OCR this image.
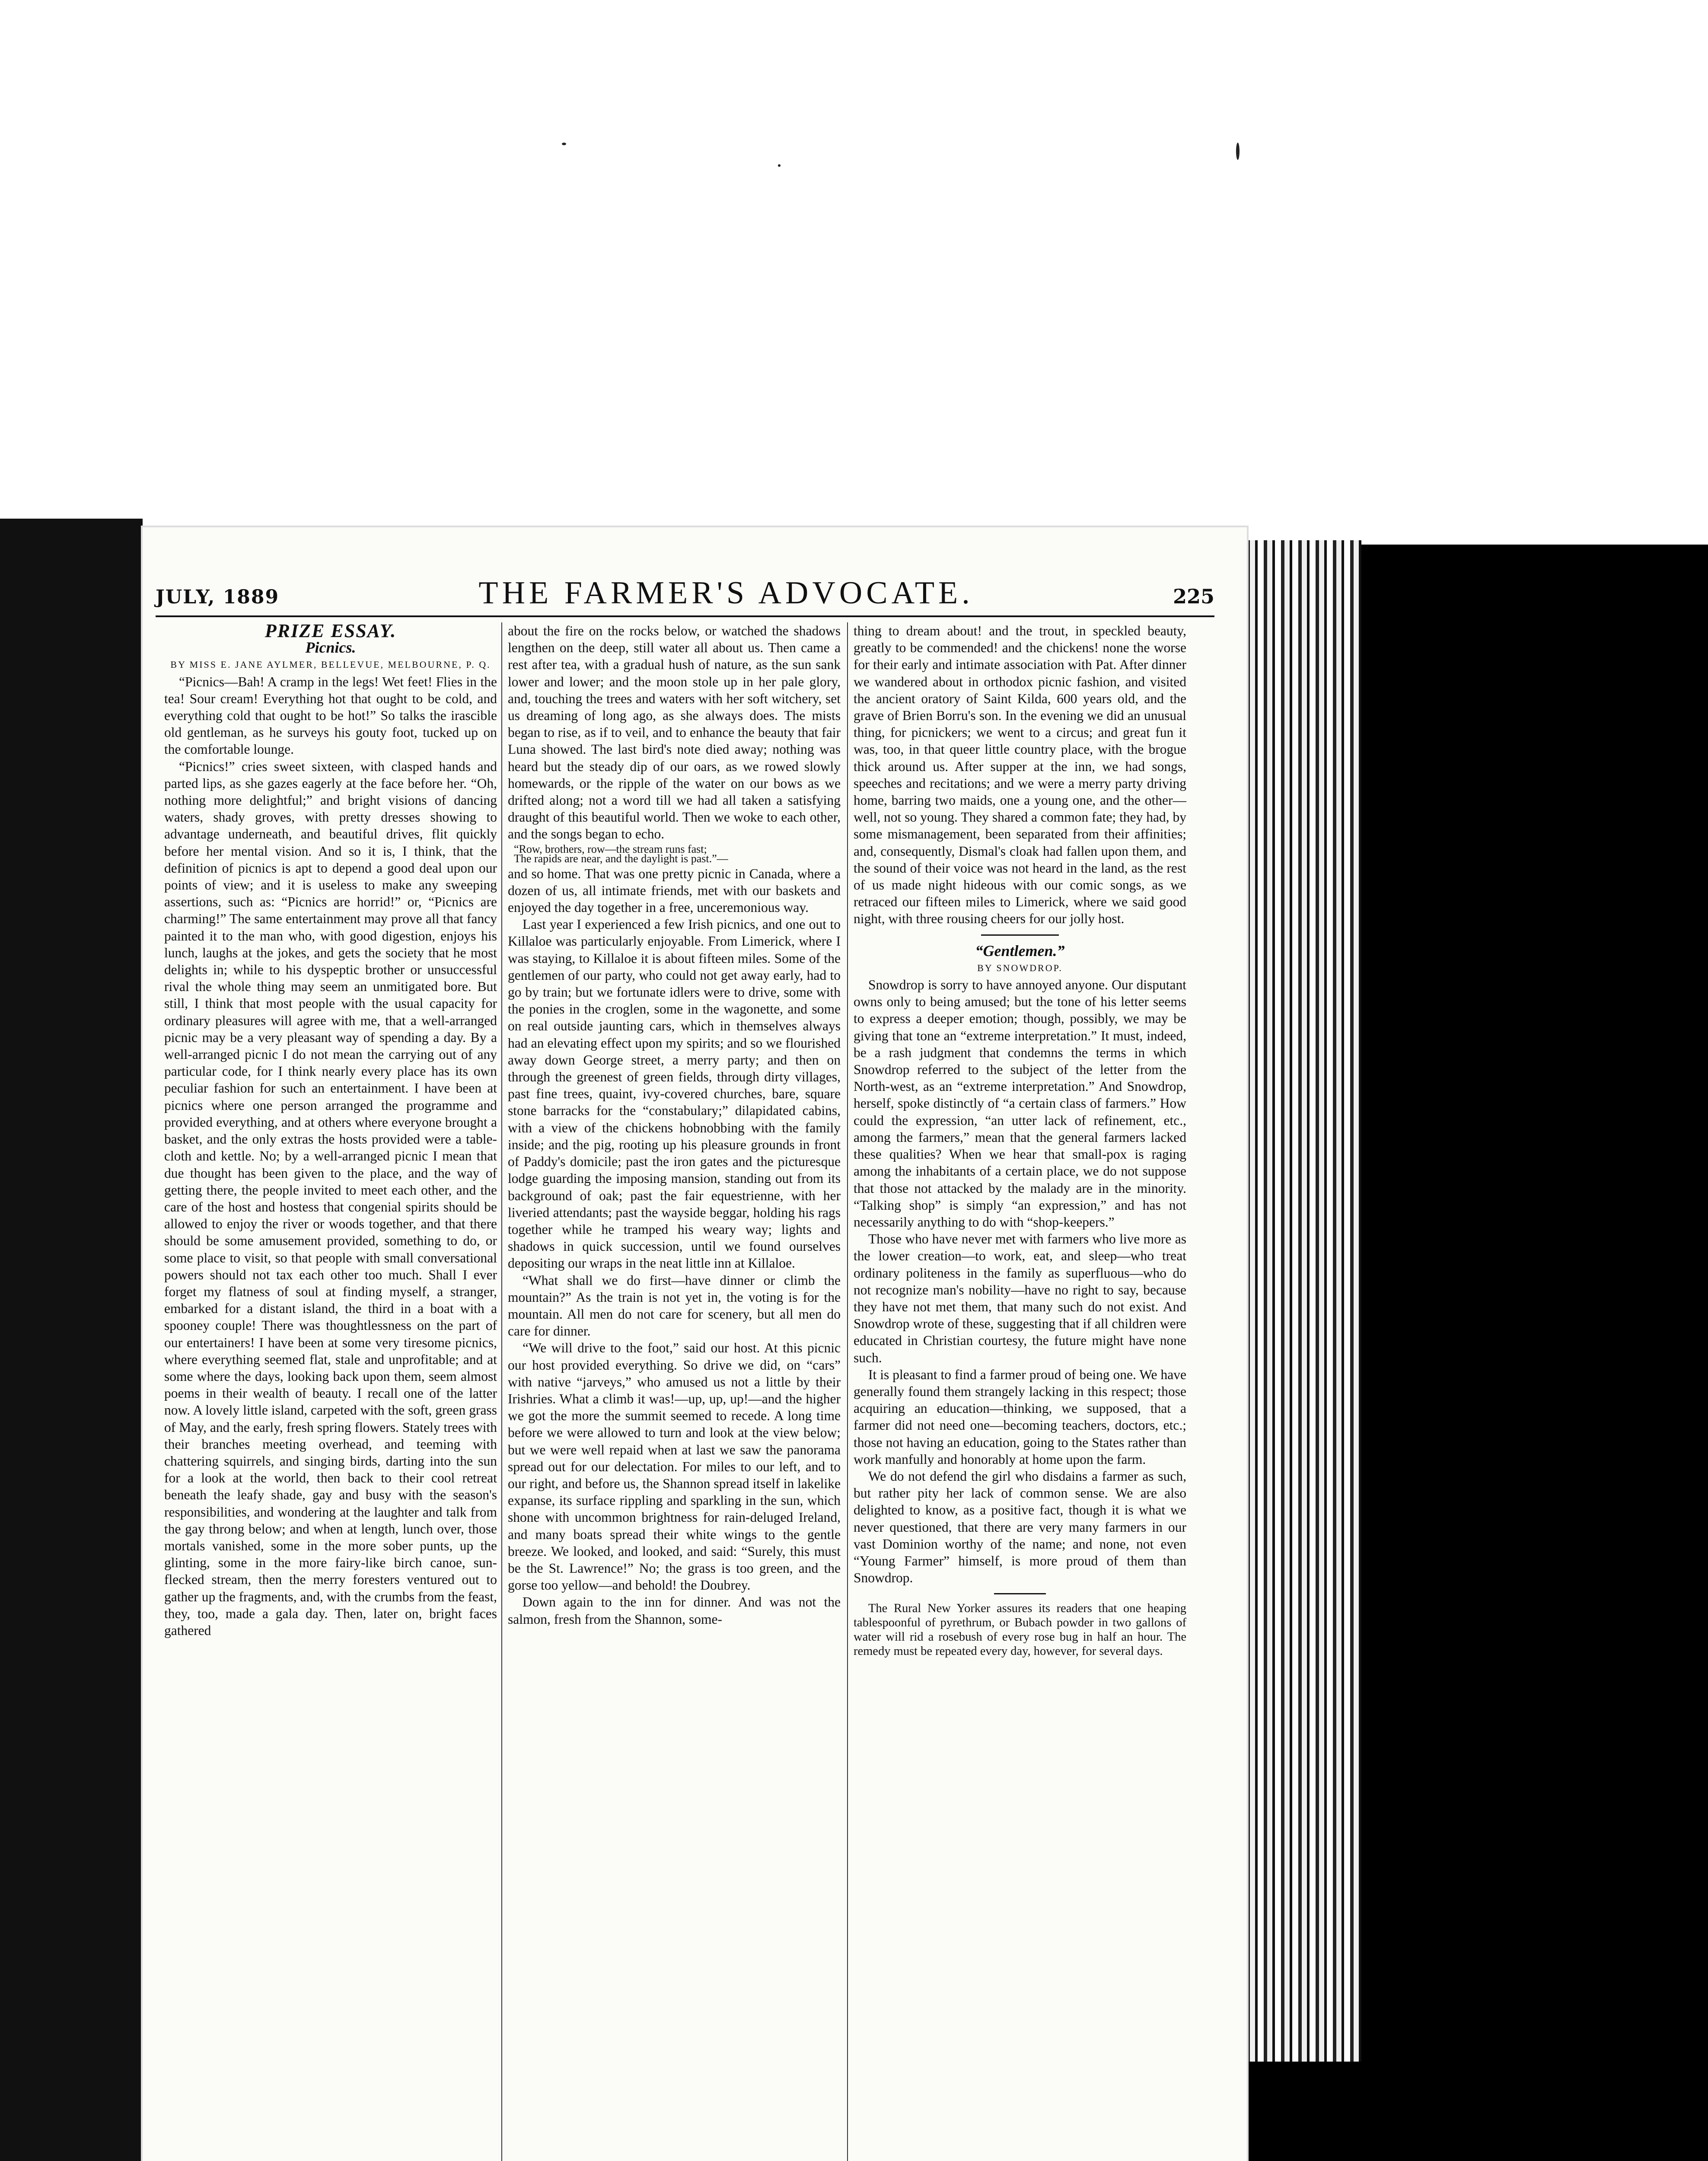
JULY, 1889	THE FARMER'S ADVOCATE.	225

PRIZE ESSAY.

Picnics.

BY MISS E. JANE AYLMER, BELLEVUE, MELBOURNE, P. Q.

“Picnics—Bah! A cramp in the legs! Wet feet! Flies in the tea! Sour cream! Everything hot that ought to be cold, and everything cold that ought to be hot!” So talks the irascible old gentleman, as he surveys his gouty foot, tucked up on the comfortable lounge.

“Picnics!” cries sweet sixteen, with clasped hands and parted lips, as she gazes eagerly at the face before her. “Oh, nothing more delightful;” and bright visions of dancing waters, shady groves, with pretty dresses showing to advantage underneath, and beautiful drives, flit quickly before her mental vision. And so it is, I think, that the definition of picnics is apt to depend a good deal upon our points of view; and it is useless to make any sweeping assertions, such as: “Picnics are horrid!” or, “Picnics are charming!” The same entertainment may prove all that fancy painted it to the man who, with good digestion, enjoys his lunch, laughs at the jokes, and gets the society that he most delights in; while to his dyspeptic brother or unsuccessful rival the whole thing may seem an unmitigated bore. But still, I think that most people with the usual capacity for ordinary pleasures will agree with me, that a well-arranged picnic may be a very pleasant way of spending a day. By a well-arranged picnic I do not mean the carrying out of any particular code, for I think nearly every place has its own peculiar fashion for such an entertainment. I have been at picnics where one person arranged the programme and provided everything, and at others where everyone brought a basket, and the only extras the hosts provided were a table-cloth and kettle. No; by a well-arranged picnic I mean that due thought has been given to the place, and the way of getting there, the people invited to meet each other, and the care of the host and hostess that congenial spirits should be allowed to enjoy the river or woods together, and that there should be some amusement provided, something to do, or some place to visit, so that people with small conversational powers should not tax each other too much. Shall I ever forget my flatness of soul at finding myself, a stranger, embarked for a distant island, the third in a boat with a spooney couple! There was thoughtlessness on the part of our entertainers! I have been at some very tiresome picnics, where everything seemed flat, stale and unprofitable; and at some where the days, looking back upon them, seem almost poems in their wealth of beauty. I recall one of the latter now. A lovely little island, carpeted with the soft, green grass of May, and the early, fresh spring flowers. Stately trees with their branches meeting overhead, and teeming with chattering squirrels, and singing birds, darting into the sun for a look at the world, then back to their cool retreat beneath the leafy shade, gay and busy with the season's responsibilities, and wondering at the laughter and talk from the gay throng below; and when at length, lunch over, those mortals vanished, some in the more sober punts, up the glinting, some in the more fairy-like birch canoe, sun-flecked stream, then the merry foresters ventured out to gather up the fragments, and, with the crumbs from the feast, they, too, made a gala day. Then, later on, bright faces gathered

about the fire on the rocks below, or watched the shadows lengthen on the deep, still water all about us. Then came a rest after tea, with a gradual hush of nature, as the sun sank lower and lower; and the moon stole up in her pale glory, and, touching the trees and waters with her soft witchery, set us dreaming of long ago, as she always does. The mists began to rise, as if to veil, and to enhance the beauty that fair Luna showed. The last bird's note died away; nothing was heard but the steady dip of our oars, as we rowed slowly homewards, or the ripple of the water on our bows as we drifted along; not a word till we had all taken a satisfying draught of this beautiful world. Then we woke to each other, and the songs began to echo.

“Row, brothers, row—the stream runs fast;

The rapids are near, and the daylight is past.”—

and so home. That was one pretty picnic in Canada, where a dozen of us, all intimate friends, met with our baskets and enjoyed the day together in a free, unceremonious way.

Last year I experienced a few Irish picnics, and one out to Killaloe was particularly enjoyable. From Limerick, where I was staying, to Killaloe it is about fifteen miles. Some of the gentlemen of our party, who could not get away early, had to go by train; but we fortunate idlers were to drive, some with the ponies in the croglen, some in the wagonette, and some on real outside jaunting cars, which in themselves always had an elevating effect upon my spirits; and so we flourished away down George street, a merry party; and then on through the greenest of green fields, through dirty villages, past fine trees, quaint, ivy-covered churches, bare, square stone barracks for the “constabulary;” dilapidated cabins, with a view of the chickens hobnobbing with the family inside; and the pig, rooting up his pleasure grounds in front of Paddy's domicile; past the iron gates and the picturesque lodge guarding the imposing mansion, standing out from its background of oak; past the fair equestrienne, with her liveried attendants; past the wayside beggar, holding his rags together while he tramped his weary way; lights and shadows in quick succession, until we found ourselves depositing our wraps in the neat little inn at Killaloe.

“What shall we do first—have dinner or climb the mountain?” As the train is not yet in, the voting is for the mountain. All men do not care for scenery, but all men do care for dinner.

“We will drive to the foot,” said our host. At this picnic our host provided everything. So drive we did, on “cars” with native “jarveys,” who amused us not a little by their Irishries. What a climb it was!—up, up, up!—and the higher we got the more the summit seemed to recede. A long time before we were allowed to turn and look at the view below; but we were well repaid when at last we saw the panorama spread out for our delectation. For miles to our left, and to our right, and before us, the Shannon spread itself in lakelike expanse, its surface rippling and sparkling in the sun, which shone with uncommon brightness for rain-deluged Ireland, and many boats spread their white wings to the gentle breeze. We looked, and looked, and said: “Surely, this must be the St. Lawrence!” No; the grass is too green, and the gorse too yellow—and behold! the Doubrey.

Down again to the inn for dinner. And was not the salmon, fresh from the Shannon, some-

thing to dream about! and the trout, in speckled beauty, greatly to be commended! and the chickens! none the worse for their early and intimate association with Pat. After dinner we wandered about in orthodox picnic fashion, and visited the ancient oratory of Saint Kilda, 600 years old, and the grave of Brien Borru's son. In the evening we did an unusual thing, for picnickers; we went to a circus; and great fun it was, too, in that queer little country place, with the brogue thick around us. After supper at the inn, we had songs, speeches and recitations; and we were a merry party driving home, barring two maids, one a young one, and the other—well, not so young. They shared a common fate; they had, by some mismanagement, been separated from their affinities; and, consequently, Dismal's cloak had fallen upon them, and the sound of their voice was not heard in the land, as the rest of us made night hideous with our comic songs, as we retraced our fifteen miles to Limerick, where we said good night, with three rousing cheers for our jolly host.

“Gentlemen.”

BY SNOWDROP.

Snowdrop is sorry to have annoyed anyone. Our disputant owns only to being amused; but the tone of his letter seems to express a deeper emotion; though, possibly, we may be giving that tone an “extreme interpretation.” It must, indeed, be a rash judgment that condemns the terms in which Snowdrop referred to the subject of the letter from the North-west, as an “extreme interpretation.” And Snowdrop, herself, spoke distinctly of “a certain class of farmers.” How could the expression, “an utter lack of refinement, etc., among the farmers,” mean that the general farmers lacked these qualities? When we hear that small-pox is raging among the inhabitants of a certain place, we do not suppose that those not attacked by the malady are in the minority. “Talking shop” is simply “an expression,” and has not necessarily anything to do with “shop-keepers.”

Those who have never met with farmers who live more as the lower creation—to work, eat, and sleep—who treat ordinary politeness in the family as superfluous—who do not recognize man's nobility—have no right to say, because they have not met them, that many such do not exist. And Snowdrop wrote of these, suggesting that if all children were educated in Christian courtesy, the future might have none such.

It is pleasant to find a farmer proud of being one. We have generally found them strangely lacking in this respect; those acquiring an education—thinking, we supposed, that a farmer did not need one—becoming teachers, doctors, etc.; those not having an education, going to the States rather than work manfully and honorably at home upon the farm.

We do not defend the girl who disdains a farmer as such, but rather pity her lack of common sense. We are also delighted to know, as a positive fact, though it is what we never questioned, that there are very many farmers in our vast Dominion worthy of the name; and none, not even “Young Farmer” himself, is more proud of them than Snowdrop.

The Rural New Yorker assures its readers that one heaping tablespoonful of pyrethrum, or Bubach powder in two gallons of water will rid a rosebush of every rose bug in half an hour. The remedy must be repeated every day, however, for several days.
